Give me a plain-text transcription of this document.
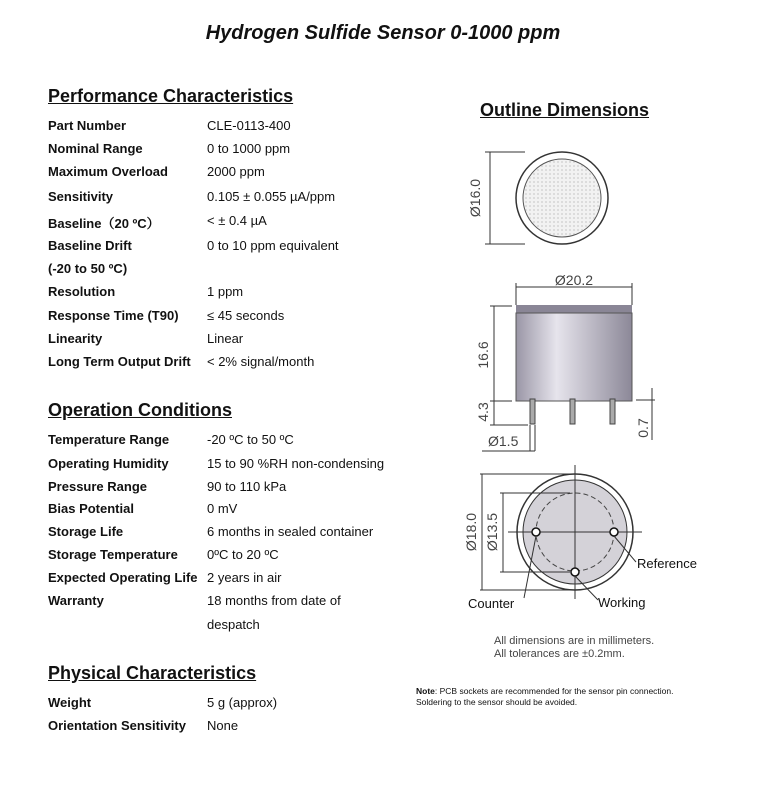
Hydrogen Sulfide Sensor 0-1000 ppm
Performance Characteristics
Part Number	CLE-0113-400
Nominal Range	0 to 1000 ppm
Maximum Overload	2000 ppm
Sensitivity	0.105 ± 0.055 µA/ppm
Baseline（20 ºC）	< ± 0.4 µA
Baseline Drift	0 to 10 ppm equivalent
(-20 to 50 ºC)
Resolution	1 ppm
Response Time (T90) ≤ 45 seconds
Linearity	Linear
Long Term Output Drift < 2% signal/month
Operation Conditions
Temperature Range	-20 ºC to 50 ºC
Operating Humidity	15 to 90 %RH non-condensing
Pressure Range	90 to 110 kPa
Bias Potential	0 mV
Storage Life	6 months in sealed container
Storage Temperature 0ºC to 20 ºC
Expected Operating Life 2 years in air
Warranty	18 months from date of
despatch
Physical Characteristics
Weight	5 g (approx)
Orientation Sensitivity None
Outline Dimensions
Ø16.0
Ø20.2
16.6
4.3
Ø1.5
0.7
Ø18.0 Ø13.5
Reference
Counter	Working
All dimensions are in millimeters.
All tolerances are ±0.2mm.
Note: PCB sockets are recommended for the sensor pin connection.
Soldering to the sensor should be avoided.
